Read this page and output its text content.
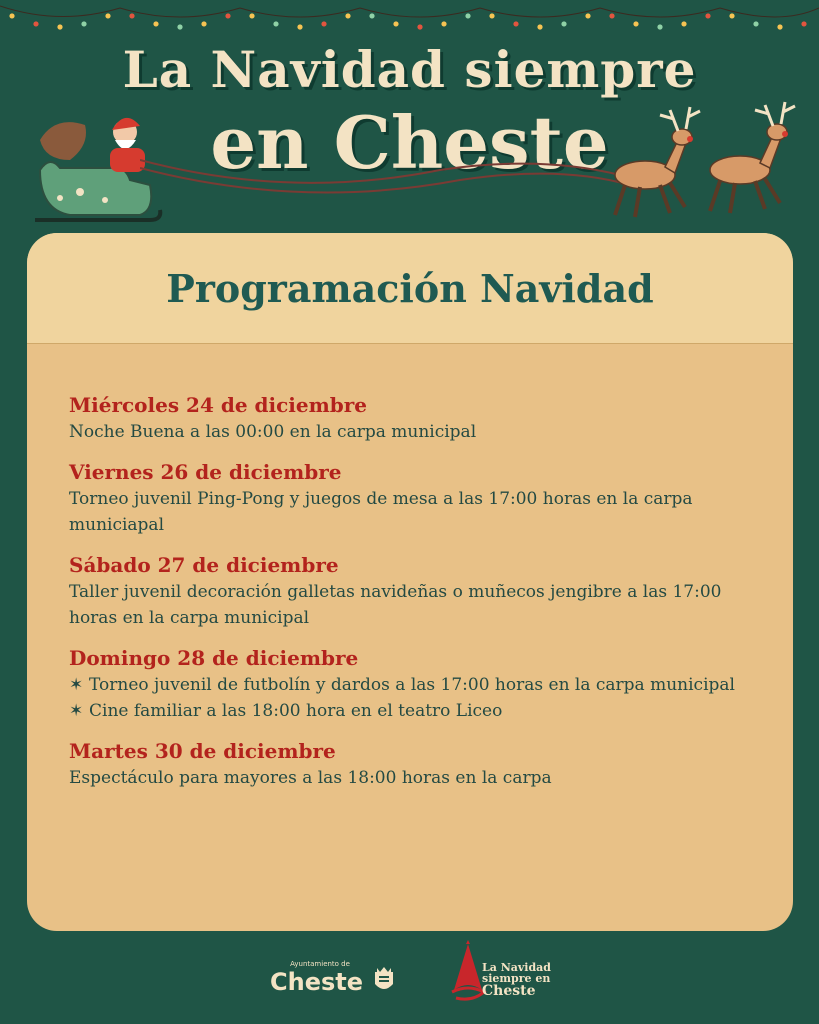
La Navidad siempre
en Cheste
Programación Navidad
Miércoles 24 de diciembre
Noche Buena a las 00:00 en la carpa municipal
Viernes 26 de diciembre
Torneo juvenil Ping-Pong y juegos de mesa a las 17:00 horas en la carpa municiapal
Sábado 27 de diciembre
Taller juvenil decoración galletas navideñas o muñecos jengibre a las 17:00 horas en la carpa municipal
Domingo 28 de diciembre
✶ Torneo juvenil de futbolín y dardos a las 17:00 horas en la carpa municipal
✶ Cine familiar a las 18:00 hora en el teatro Liceo
Martes 30 de diciembre
Espectáculo para mayores a las 18:00 horas en la carpa
Ayuntamiento de
Cheste
La Navidad
siempre en
Cheste
